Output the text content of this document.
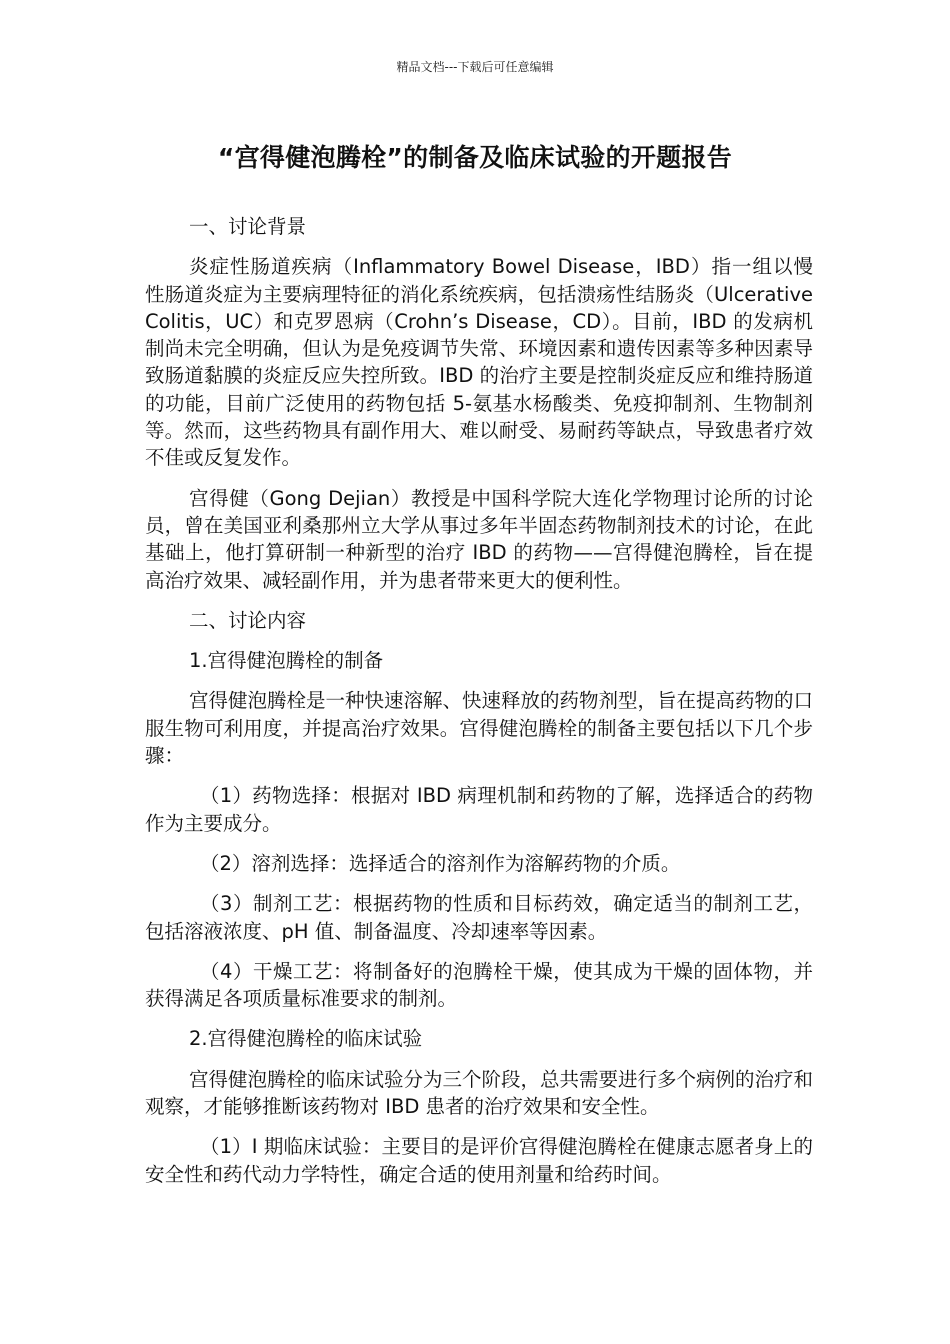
精品文档---下载后可任意编辑
“宫得健泡腾栓”的制备及临床试验的开题报告

一、讨论背景

炎症性肠道疾病（Inflammatory Bowel Disease，IBD）指一组以慢性肠道炎症为主要病理特征的消化系统疾病，包括溃疡性结肠炎（Ulcerative Colitis，UC）和克罗恩病（Crohn’s Disease，CD）。目前，IBD 的发病机制尚未完全明确，但认为是免疫调节失常、环境因素和遗传因素等多种因素导致肠道黏膜的炎症反应失控所致。IBD 的治疗主要是控制炎症反应和维持肠道的功能，目前广泛使用的药物包括 5-氨基水杨酸类、免疫抑制剂、生物制剂等。然而，这些药物具有副作用大、难以耐受、易耐药等缺点，导致患者疗效不佳或反复发作。

宫得健（Gong Dejian）教授是中国科学院大连化学物理讨论所的讨论员，曾在美国亚利桑那州立大学从事过多年半固态药物制剂技术的讨论，在此基础上，他打算研制一种新型的治疗 IBD 的药物——宫得健泡腾栓，旨在提高治疗效果、减轻副作用，并为患者带来更大的便利性。

二、讨论内容

1.宫得健泡腾栓的制备

宫得健泡腾栓是一种快速溶解、快速释放的药物剂型，旨在提高药物的口服生物可利用度，并提高治疗效果。宫得健泡腾栓的制备主要包括以下几个步骤：

（1）药物选择：根据对 IBD 病理机制和药物的了解，选择适合的药物作为主要成分。

（2）溶剂选择：选择适合的溶剂作为溶解药物的介质。

（3）制剂工艺：根据药物的性质和目标药效，确定适当的制剂工艺，包括溶液浓度、pH 值、制备温度、冷却速率等因素。

（4）干燥工艺：将制备好的泡腾栓干燥，使其成为干燥的固体物，并获得满足各项质量标准要求的制剂。

2.宫得健泡腾栓的临床试验

宫得健泡腾栓的临床试验分为三个阶段，总共需要进行多个病例的治疗和观察，才能够推断该药物对 IBD 患者的治疗效果和安全性。

（1）I 期临床试验：主要目的是评价宫得健泡腾栓在健康志愿者身上的安全性和药代动力学特性，确定合适的使用剂量和给药时间。
